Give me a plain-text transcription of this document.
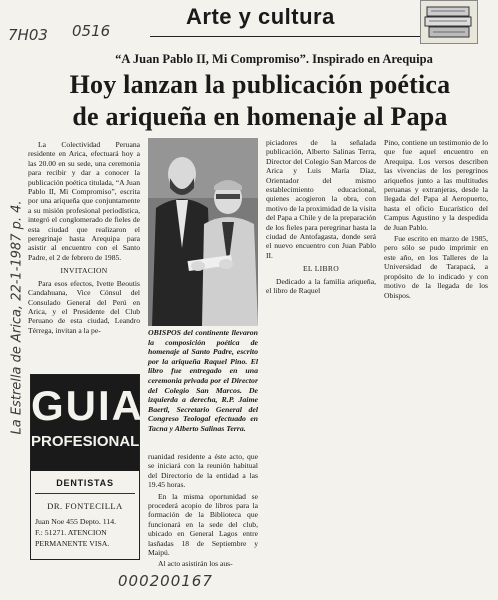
7H03 0516
La Estrella de Arica, 22-1-1987 p. 4.
000200167
Arte y cultura
“A Juan Pablo II, Mi Compromiso”. Inspirado en Arequipa
Hoy lanzan la publicación poética
de ariqueña en homenaje al Papa

La Colectividad Peruana residente en Arica, efectuará hoy a las 20.00 en su sede, una ceremonia para recibir y dar a conocer la publicación poética titulada, “A Juan Pablo II, Mi Compromiso”, escrita por una ariqueña que conjuntamente a su misión profesional periodística, integró el conglomerado de fieles de esta ciudad que realizaron el peregrinaje hasta Arequipa para asistir al encuentro con el Santo Padre, el 2 de febrero de 1985.

INVITACION

Para esos efectos, Ivette Beoutis Candahuana, Vice Cónsul del Consulado General del Perú en Arica, y el Presidente del Club Peruano de esta ciudad, Leandro Térrega, invitan a la pe-

GUIA
PROFESIONAL
DENTISTAS
DR. FONTECILLA
Juan Noe 455 Depto. 114.
F.: 51271. ATENCION
PERMANENTE VISA.
OBISPOS del continente llevaron la composición poética de homenaje al Santo Padre, escrito por la ariqueña Raquel Pino. El libro fue entregado en una ceremonia privada por el Director del Colegio San Marcos. De izquierda a derecha, R.P. Jaime Baertl, Secretario General del Congreso Teologal efectuado en Tacna y Alberto Salinas Terra.

ruanidad residente a éste acto, que se iniciará con la reunión habitual del Directorio de la entidad a las 19.45 horas.

En la misma oportunidad se procederá acopio de libros para la formación de la Biblioteca que funcionará en la sede del club, ubicado en General Lagos entre lasñadas 18 de Septiembre y Maipú.

Al acto asistirán los aus-

piciadores de la señalada publicación, Alberto Salinas Terra, Director del Colegio San Marcos de Arica y Luis María Díaz, Orientador del mismo establecimiento educacional, quienes acogieron la obra, con motivo de la proximidad de la visita del Papa a Chile y de la preparación de los fieles para peregrinar hasta la ciudad de Antofagasta, donde será el nuevo encuentro con Juan Pablo II.

EL LIBRO

Dedicado a la familia ariqueña, el libro de Raquel

Pino, contiene un testimonio de lo que fue aquel encuentro en Arequipa. Los versos describen las vivencias de los peregrinos ariqueños junto a las multitudes peruanas y extranjeras, desde la llegada del Papa al Aeropuerto, hasta el oficio Eucarístico del Campus Agustino y la despedida de Juan Pablo.

Fue escrito en marzo de 1985, pero sólo se pudo imprimir en este año, en los Talleres de la Universidad de Tarapacá, a propósito de lo indicado y con motivo de la llegada de los Obispos.
